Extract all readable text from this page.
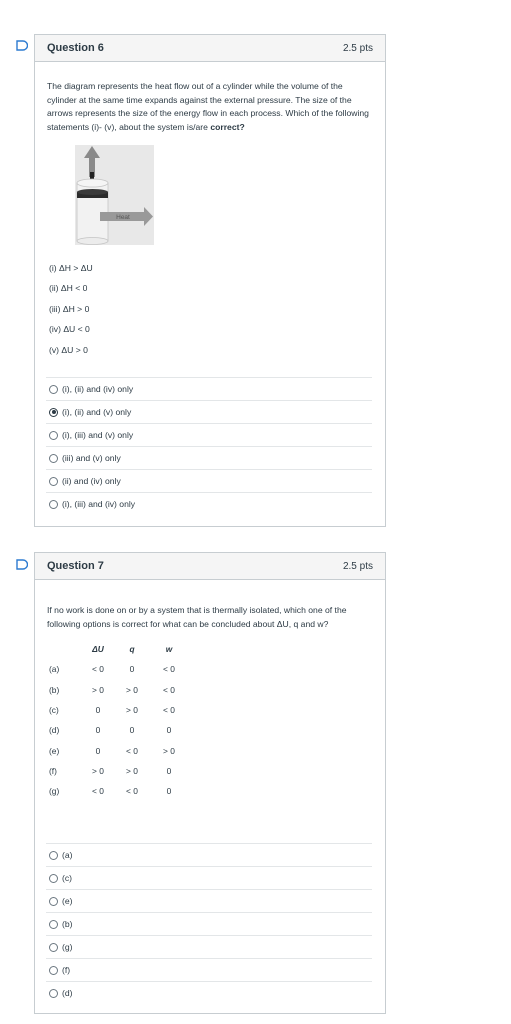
Question 6	2.5 pts
The diagram represents the heat flow out of a cylinder while the volume of the cylinder at the same time expands against the external pressure. The size of the arrows represents the size of the energy flow in each process. Which of the following statements (i)- (v), about the system is/are correct?
Heat
(i) ΔH > ΔU
(ii) ΔH < 0
(iii) ΔH > 0
(iv) ΔU < 0
(v) ΔU > 0
(i), (ii) and (iv) only
(i), (ii) and (v) only
(i), (iii) and (v) only
(iii) and (v) only
(ii) and (iv) only
(i), (iii) and (iv) only
Question 7	2.5 pts
If no work is done on or by a system that is thermally isolated, which one of the following options is correct for what can be concluded about ΔU, q and w?
	ΔU	q	w
(a)	< 0	0	< 0
(b)	> 0	> 0	< 0
(c)	0	> 0	< 0
(d)	0	0	0
(e)	0	< 0	> 0
(f)	> 0	> 0	0
(g)	< 0	< 0	0
(a)
(c)
(e)
(b)
(g)
(f)
(d)
